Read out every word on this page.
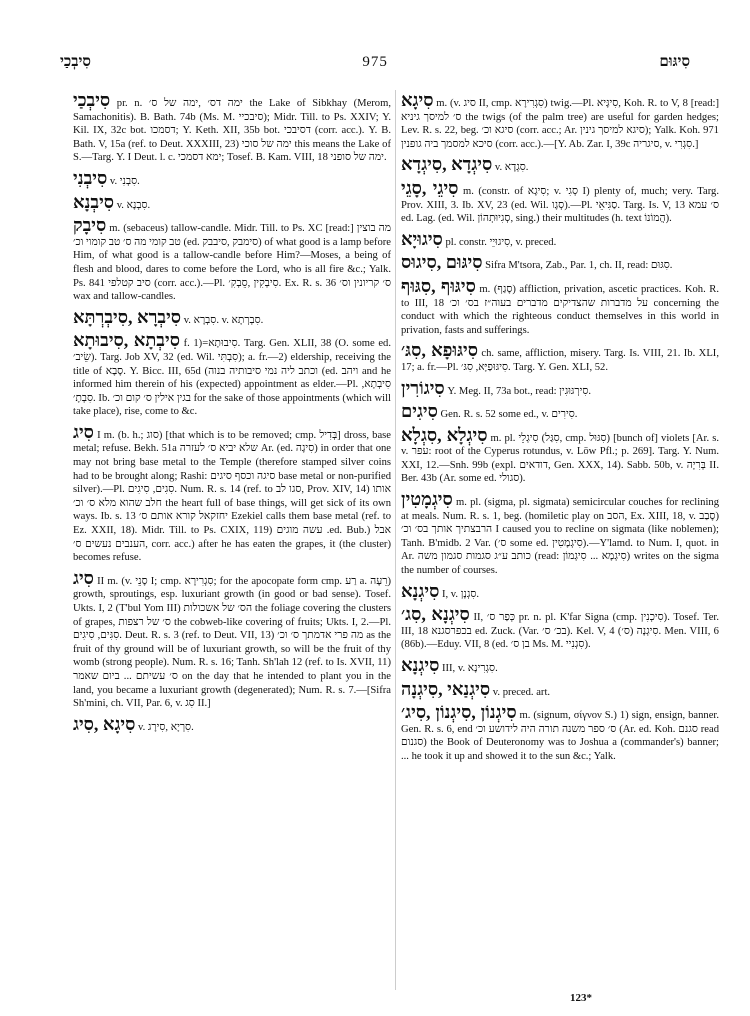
סִיבְכַי	975	סִיגּוּם

סִיבְכַי pr. n. ימה דס׳ ,ימה של ס׳ the Lake of Sibkhay (Merom, Samachonitis). B. Bath. 74b (Ms. M. סיבכיי); Midr. Till. to Ps. XXIV; Y. Kil. IX, 32c bot. דסמכו; Y. Keth. XII, 35b bot. דסיבכי (corr. acc.). Y. B. Bath. V, 15a (ref. to Deut. XXXIII, 23) ימה של סוכי this means the Lake of S.—Targ. Y. I Deut. l. c. ימא דסמכי; Tosef. B. Kam. VIII, 18 ימה של סופני.

סִיבְנִי v. סִבְנִי.

סִיבְנָא v. סִבְנָא.

סִיבָק m. (sebaceus) tallow-candle. Midr. Till. to Ps. XC [read:] מה בוצין טב קומי מה ס׳ טב קומוי וכ׳ (ed. סימבק ,סיבבק) of what good is a lamp before Him, of what good is a tallow-candle before Him?—Moses, a being of flesh and blood, dares to come before the Lord, who is all fire &c.; Yalk. Ps. 841 סיב קטלפי (corr. acc.).—Pl. סִיבְקִין ,סֵבְקִ׳. Ex. R. s. 36 ס׳ קריונין וס׳ wax and tallow-candles.

סִיבְרָא ,סִיבְרְתָּא v. סִבְרָא. v. סִבְרְתָא.

סִיבְתָא ,סִיבוּתָא f. 1)=סִיבוּתָא. Targ. Gen. XLII, 38 (O. some ed. שֵׂיב׳). Targ. Job XV, 32 (ed. Wil. סִבְתִּי); a. fr.—2) eldership, receiving the title of סָבָא. Y. Bicc. III, 65d (וכתב ליה נמי סיבותיה בנוה (ed. ויהב and he informed him therein of his (expected) appointment as elder.—Pl. סִיבְתָא, סִבְתָ׳. Ib. בגין אילין ס׳ קום וכ׳ for the sake of those appointments (which will take place), rise, come to &c.

סִיג I m. (b. h.; סוג) [that which is to be removed; cmp. בְּדִיל] dross, base metal; refuse. Bekh. 51a שלא יביא ס׳ לעזרה Ar. (ed. סִיגָה) in order that one may not bring base metal to the Temple (therefore stamped silver coins had to be brought along; Rashi: סיגה וכסף סיגים base metal or non-purified silver).—Pl. סִגִים, סִיגִים. Num. R. s. 14 (ref. to סגו לב, Prov. XIV, 14) אותו חלב שהוא מלא ס׳ וכ׳ the heart full of base things, will get sick of its own ways. Ib. s. 13 יחזקאל קורא אותם ס׳ Ezekiel calls them base metal (ref. to Ez. XXII, 18). Midr. Till. to Ps. CXIX, 119) עשה מוגים .ed. Bub.) אבל הענבים נעשים ס׳, corr. acc.) after he has eaten the grapes, it (the cluster) becomes refuse.

סִיג II m. (v. סָנֵי I; cmp. סִגְרִירָא; for the apocopate form cmp. רַע a. רֵעָה) growth, sproutings, esp. luxuriant growth (in good or bad sense). Tosef. Ukts. I, 2 (T'bul Yom III) הס׳ של אשכולות the foliage covering the clusters of grapes, ס׳ של רצפות the cobweb-like covering of fruits; Ukts. I, 2.—Pl. סִגִּים, סִיגִים. Deut. R. s. 3 (ref. to Deut. VII, 13) מה פרי אדמתך ס׳ וכ׳ as the fruit of thy ground will be of luxuriant growth, so will be the fruit of thy womb (strong people). Num. R. s. 16; Tanh. Sh'lah 12 (ref. to Is. XVII, 11) ס׳ עשיתם ... ביום שאמר on the day that he intended to plant you in the land, you became a luxuriant growth (degenerated); Num. R. s. 7.—[Sifra Sh'mini, ch. VII, Par. 6, v. סִג II.]

סִיגָא ,סִיג v. סִרְיָא ,סִירָג.

סִיגָא m. (v. סיג II, cmp. סִגְרִירָא) twig.—Pl. סִיגָּיא, Koh. R. to V, 8 [read:] ס׳ למיסך גיניא the twigs (of the palm tree) are useful for garden hedges; Lev. R. s. 22, beg. סיגא וכ׳ (corr. acc.; Ar. סיגא למיסך גינין); Yalk. Koh. 971 סיכא למסמך ביה גופנין (corr. acc.).—[Y. Ab. Zar. I, 39c סיגריה, v. סִגְרִי.]

סִיגְדָא ,סִיגְדָא v. סִגְדָא.

סִיגֵי ,סָגֵי m. (constr. of סִיגָא; v. סְגִי I) plenty of, much; very. Targ. Prov. XIII, 3. Ib. XV, 23 (ed. Wil. סְגָו).—Pl. סַגִּיאֵי. Targ. Is. V, 13 ס׳ עמא ed. Lag. (ed. Wil. סְגִיוּתְהוֹן, sing.) their multitudes (h. text הֲמוֹנוֹ).

סִיגוּיָא pl. constr. סִיגוּיֵי, v. preced.

סִיגּוּם ,סִיגוּס Sifra M'tsora, Zab., Par. 1, ch. II, read: סִגּוּם.

סִיגּוּף ,סִגּוּף m. (סָגַף) affliction, privation, ascetic practices. Koh. R. to III, 18 על מדברות שהצדיקים מדברים בעוה״ז בס׳ וכ׳ concerning the conduct with which the righteous conduct themselves in this world in privation, fasts and sufferings.

סִיגּוּפָא ,סִגּ׳ ch. same, affliction, misery. Targ. Is. VIII, 21. Ib. XLI, 17; a. fr.—Pl. סִיגּוּפַיָּא, סִגּ׳. Targ. Y. Gen. XLI, 52.

סִיגוֹרִין Y. Meg. II, 73a bot., read: סִירְגּוּגִין.

סִיגִים Gen. R. s. 52 some ed., v. סִירִים.

סִיגְלָא ,סִגְלָא m. pl. סִיגְלֵי (סִגַּל, cmp. סִגּוּל) [bunch of] violets [Ar. s. v. עפר: root of the Cyperus rotundus, v. Löw Pfl.; p. 269]. Targ. Y. Num. XXI, 12.—Snh. 99b (expl. דודאים, Gen. XXX, 14). Sabb. 50b, v. בְּרִיָה II. Ber. 43b (Ar. some ed. סגולי).

סִיגְמָטִין m. pl. (sigma, pl. sigmata) semicircular couches for reclining at meals. Num. R. s. 1, beg. (homiletic play on הסב, Ex. XIII, 18, v. סָבַב) הרבצתיך אותך בס׳ וכ׳ I caused you to recline on sigmata (like noblemen); Tanh. B'midb. 2 Var. (ס׳ some ed. סִיגְמָטִין).—Y'lamd. to Num. I, quot. in Ar. כותב ע״ג סגמות סגמון משה (read: סִיגְמָא ... סִיגְמוֹן) writes on the sigma the number of courses.

סִיגְנָא I, v. סִגְנָן.

סִיגְנָא ,סִג׳ II, כְּפַר ס׳ pr. n. pl. K'far Signa (cmp. סִיכְנִין). Tosef. Ter. III, 18 בכפרסגנא ed. Zuck. (Var. בכ׳ ס׳). Kel. V, 4 סִיגְנָה (ס׳). Men. VIII, 6 (86b).—Eduy. VII, 8 (ed. בן ס׳ Ms. M. סִגְנִיי).

סִיגְנָא III, v. סִגְרִינָא.

סִיגְנַאי ,סִיגְנָה v. preced. art.

סִיגְנוֹן ,סִיגְנוֹן ,סִיג׳ m. (signum, σίγνον S.) 1) sign, ensign, banner. Gen. R. s. 6, end ס׳ ספר משנה תורה היה לידושע וכ׳ (Ar. ed. Koh. סגנם read סגנום) the Book of Deuteronomy was to Joshua a (commander's) banner; ... he took it up and showed it to the sun &c.; Yalk.

123*
